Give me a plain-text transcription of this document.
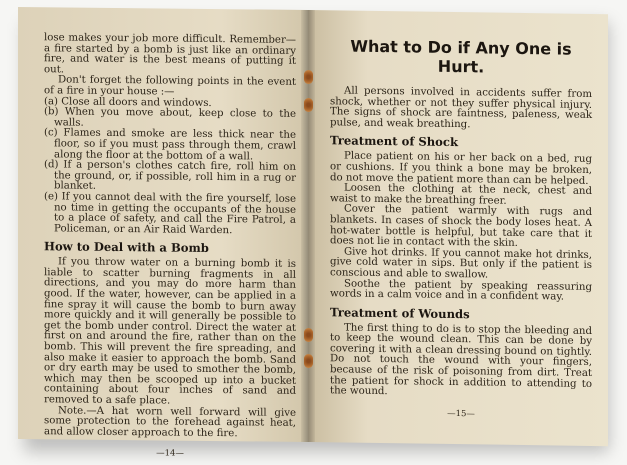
lose makes your job more difficult. Remember—a fire started by a bomb is just like an ordinary fire, and water is the best means of putting it out.

Don't forget the following points in the event of a fire in your house :—

(a) Close all doors and windows.

(b) When you move about, keep close to the walls.

(c) Flames and smoke are less thick near the floor, so if you must pass through them, crawl along the floor at the bottom of a wall.

(d) If a person's clothes catch fire, roll him on the ground, or, if possible, roll him in a rug or blanket.

(e) If you cannot deal with the fire yourself, lose no time in getting the occupants of the house to a place of safety, and call the Fire Patrol, a Policeman, or an Air Raid Warden.

How to Deal with a Bomb

If you throw water on a burning bomb it is liable to scatter burning fragments in all directions, and you may do more harm than good. If the water, however, can be applied in a fine spray it will cause the bomb to burn away more quickly and it will generally be possible to get the bomb under control. Direct the water at first on and around the fire, rather than on the bomb. This will prevent the fire spreading, and also make it easier to approach the bomb. Sand or dry earth may be used to smother the bomb, which may then be scooped up into a bucket containing about four inches of sand and removed to a safe place.

Note.—A hat worn well forward will give some protection to the forehead against heat, and allow closer approach to the fire.

—14—
What to Do if Any One is Hurt.

All persons involved in accidents suffer from shock, whether or not they suffer physical injury. The signs of shock are faintness, paleness, weak pulse, and weak breathing.

Treatment of Shock

Place patient on his or her back on a bed, rug or cushions. If you think a bone may be broken, do not move the patient more than can be helped.

Loosen the clothing at the neck, chest and waist to make the breathing freer.

Cover the patient warmly with rugs and blankets. In cases of shock the body loses heat. A hot-water bottle is helpful, but take care that it does not lie in contact with the skin.

Give hot drinks. If you cannot make hot drinks, give cold water in sips. But only if the patient is conscious and able to swallow.

Soothe the patient by speaking reassuring words in a calm voice and in a confident way.

Treatment of Wounds

The first thing to do is to stop the bleeding and to keep the wound clean. This can be done by covering it with a clean dressing bound on tightly. Do not touch the wound with your fingers, because of the risk of poisoning from dirt. Treat the patient for shock in addition to attending to the wound.

—15—
